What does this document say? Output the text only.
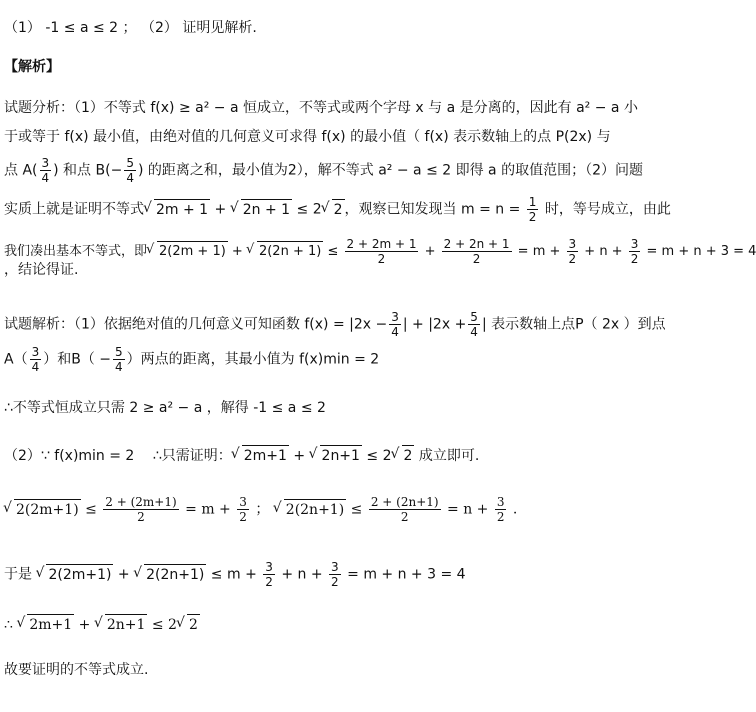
（1） -1 ≤ a ≤ 2 ； （2） 证明见解析.
【解析】
试题分析：（1）不等式 f(x) ≥ a² − a 恒成立，不等式或两个字母 x 与 a 是分离的，因此有 a² − a 小
于或等于 f(x) 最小值，由绝对值的几何意义可求得 f(x) 的最小值（ f(x) 表示数轴上的点 P(2x) 与
点 $A( \frac{3}{4}$ ) 和点 $B(- \frac{5}{4}$ ) 的距离之和，最小值为2），解不等式 a² − a ≤ 2 即得 a 的取值范围；（2）问题
实质上就是证明不等式 √ 2m + 1 + √ 2n + 1 ≤ 2 √ 2 ，观察已知发现当 $m = n = \frac{1}{2}$ 时，等号成立，由此
我们凑出基本不等式，即 √ 2(2m + 1) + √ $2(2n + 1) \le \frac{2 + 2m + 1}{2} + \frac{2 + 2n + 1}{2} = m + \frac{3}{2} + n + \frac{3}{2} = m + n + 3 = 4$
，结论得证.
试题解析：（1）依据绝对值的几何意义可知函数 $f(x) = |2x - \frac{3}{4}$ | + $|2x + \frac{5}{4}$ | 表示数轴上点P（ 2x ）到点
$A( \frac{3}{4}$ ）和$B( - \frac{5}{4}$ ）两点的距离，其最小值为 f(x)min = 2
∴不等式恒成立只需 2 ≥ a² − a ，解得 -1 ≤ a ≤ 2
（2）∵ f(x)min = 2 　∴只需证明： √ 2m+1 + √ 2n+1 ≤ 2 √ 2 成立即可.
√ $2(2m+1) \le \frac{2 + (2m+1)}{2} = m + \frac{3}{2}$ ； √ $2(2n+1) \le \frac{2 + (2n+1)}{2} = n + \frac{3}{2}$ .
于是 √ 2(2m+1) + √ $2(2n+1) \le m + \frac{3}{2} + n + \frac{3}{2} = m + n + 3 = 4$
∴ √ 2m+1 + √ 2n+1 ≤ 2 √ 2
故要证明的不等式成立.
